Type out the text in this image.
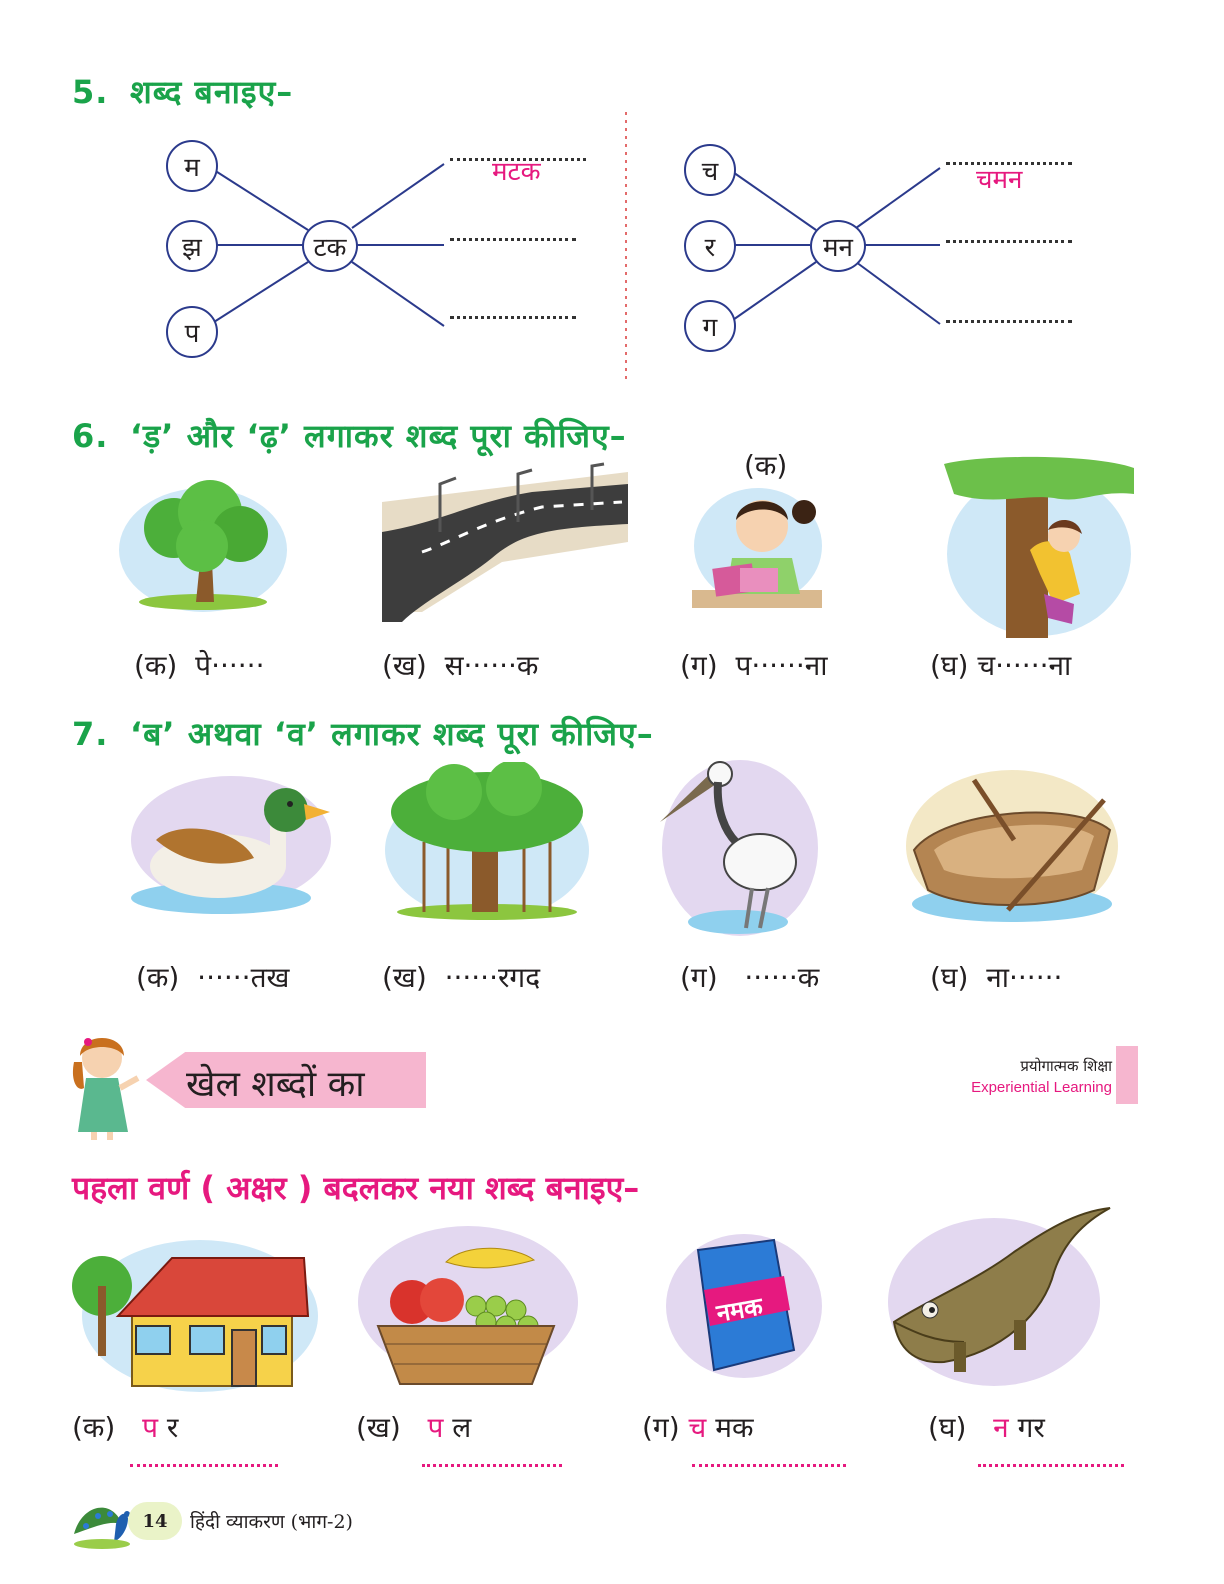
5. शब्द बनाइए–
म
झ
प
टक
मटक	च
र
ग
मन
चमन
6. ‘ड़’ और ‘ढ़’ लगाकर शब्द पूरा कीजिए–
(क)
(क) पे······	(ख) स······क	(ग) प······ना	(घ) च······ना
7. ‘ब’ अथवा ‘व’ लगाकर शब्द पूरा कीजिए–
(क) ······तख	(ख) ······रगद	(ग) ······क	(घ) ना······
खेल शब्दों का	प्रयोगात्मक शिक्षा
Experiential Learning
पहला वर्ण ( अक्षर ) बदलकर नया शब्द बनाइए–
नमक
(क) प र	(ख) प ल	(ग) च मक	(घ) न गर
14	हिंदी व्याकरण (भाग-2)
